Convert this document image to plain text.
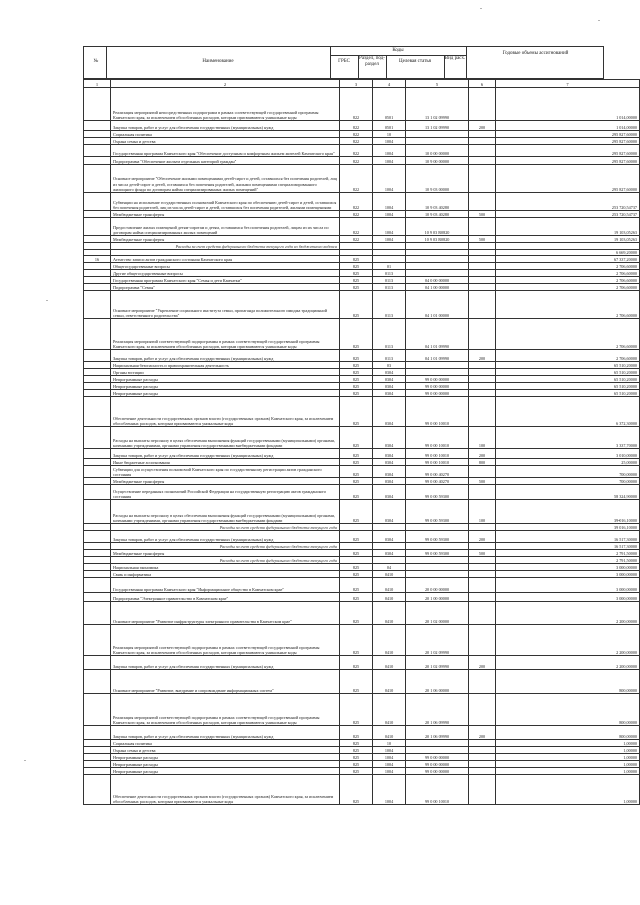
№	Наименование
Коды
ГРБС
Раздел, под-раздел
Целевая статья
Вид расх.
Годовые объемы ассигнований
1	2	3	4	5	6	7
	Реализация мероприятий непосредственных подпрограмм в рамках соответствующей государственной программы Камчатского края, за исключением обособленных расходов, которым присваиваются уникальные коды	822	0501	13 1 02 09990		1 014,00000
	Закупка товаров, работ и услуг для обеспечения государственных (муниципальных) нужд	822	0501	13 1 02 09990	200	1 014,00000
	Социальная политика	822	10			295 827,60000
	Охрана семьи и детства	822	1004			295 827,60000
	Государственная программа Камчатского края "Обеспечение доступным и комфортным жильем жителей Камчатского края"	822	1004	10 0 00 00000		295 827,60000
	Подпрограмма "Обеспечение жильем отдельных категорий граждан"	822	1004	10 9 00 00000		295 827,60000
	Основное мероприятие "Обеспечение жилыми помещениями детей-сирот и детей, оставшихся без попечения родителей, лиц из числа детей-сирот и детей, оставшихся без попечения родителей, жилыми помещениями специализированного жилищного фонда по договорам найма специализированных жилых помещений"	822	1004	10 9 03 00000		295 827,60000
	Субвенции на исполнение государственных полномочий Камчатского края по обеспечению детей-сирот и детей, оставшихся без попечения родителей, лиц из числа детей-сирот и детей, оставшихся без попечения родителей, жилыми помещениями	822	1004	10 9 03 40280		253 720,54737
	Межбюджетные трансферты	822	1004	10 9 03 40280	500	253 720,54737
	Предоставление жилых помещений детям-сиротам и детям, оставшимся без попечения родителей, лицам из их числа по договорам найма специализированных жилых помещений	822	1004	10 9 03 R0820		19 103,05263
	Межбюджетные трансферты	822	1004	10 9 03 R0820	500	19 103,05263
	Расходы за счет средств федерального бюджета текущего года из бюджетного кодекса					
						6 669,20000
16	Агентство записи актов гражданского состояния Камчатского края	825				67 337,20000
	Общегосударственные вопросы	825	01			2 706,60000
	Другие общегосударственные вопросы	825	0113			2 706,60000
	Государственная программа Камчатского края "Семья и дети Камчатки"	825	0113	04 0 00 00000		2 706,60000
	Подпрограмма "Семья"	825	0113	04 1 00 00000		2 706,60000
	Основное мероприятие "Укрепление социального института семьи, пропаганда положительного имиджа традиционной семьи, ответственного родительства"	825	0113	04 1 01 00000		2 706,60000
	Реализация мероприятий соответствующей подпрограммы в рамках соответствующей государственной программы Камчатского края, за исключением обособленных расходов, которым присваиваются уникальные коды	825	0113	04 1 01 09990		2 706,60000
	Закупка товаров, работ и услуг для обеспечения государственных (муниципальных) нужд	825	0113	04 1 01 09990	200	2 706,60000
	Национальная безопасность и правоохранительная деятельность	825	03			65 510,20000
	Органы юстиции	825	0304			65 510,20000
	Непрограммные расходы	825	0304	99 0 00 00000		65 510,20000
	Непрограммные расходы	825	0304	99 0 00 00000		65 510,20000
	Непрограммные расходы	825	0304	99 0 00 00000		65 510,20000
	Обеспечение деятельности государственных органов власти (государственных органов) Камчатского края, за исключением обособленных расходов, которым присваиваются уникальные коды	825	0304	99 0 00 10010		6 372,30000
	Расходы на выплаты персоналу в целях обеспечения выполнения функций государственными (муниципальными) органами, казенными учреждениями, органами управления государственными внебюджетными фондами	825	0304	99 0 00 10010	100	3 337,70000
	Закупка товаров, работ и услуг для обеспечения государственных (муниципальных) нужд	825	0304	99 0 00 10010	200	3 010,00000
	Иные бюджетные ассигнования	825	0304	99 0 00 10010	800	25,00000
	Субвенции для осуществления полномочий Камчатского края по государственному регистрации актов гражданского состояния	825	0304	99 0 00 40270		700,00000
	Межбюджетные трансферты	825	0304	99 0 00 40270	500	700,00000
	Осуществление переданных полномочий Российской Федерации на государственную регистрацию актов гражданского состояния	825	0304	99 0 00 59300		58 324,90000
	Расходы на выплаты персоналу в целях обеспечения выполнения функций государственными (муниципальными) органами, казенными учреждениями, органами управления государственными внебюджетными фондами	825	0304	99 0 00 59300	100	39 016,10000
	Расходы за счет средств федерального бюджета текущего года					39 016,10000
	Закупка товаров, работ и услуг для обеспечения государственных (муниципальных) нужд	825	0304	99 0 00 59300	200	16 517,30000
	Расходы за счет средств федерального бюджета текущего года					16 517,30000
	Межбюджетные трансферты	825	0304	99 0 00 59300	500	2 791,50000
	Расходы за счет средств федерального бюджета текущего года					2 791,50000
	Национальная экономика	825	04			3 000,00000
	Связь и информатика	825	0410			3 000,00000
	Государственная программа Камчатского края "Информационное общество в Камчатском крае"	825	0410	20 0 00 00000		3 000,00000
	Подпрограмма "Электронное правительство в Камчатском крае"	825	0410	20 1 00 00000		3 000,00000
	Основное мероприятие "Развитие инфраструктуры электронного правительства в Камчатском крае"	825	0410	20 1 02 00000		2 200,00000
	Реализация мероприятий соответствующей подпрограммы в рамках соответствующей государственной программы Камчатского края, за исключением обособленных расходов, которым присваиваются уникальные коды	825	0410	20 1 02 09990		2 200,00000
	Закупка товаров, работ и услуг для обеспечения государственных (муниципальных) нужд	825	0410	20 1 02 09990	200	2 200,00000
	Основное мероприятие "Развитие, внедрение и сопровождение информационных систем"	825	0410	20 1 06 00000		800,00000
	Реализация мероприятий соответствующей подпрограммы в рамках соответствующей государственной программы Камчатского края, за исключением обособленных расходов, которым присваиваются уникальные коды	825	0410	20 1 06 09990		800,00000
	Закупка товаров, работ и услуг для обеспечения государственных (муниципальных) нужд	825	0410	20 1 06 09990	200	800,00000
	Социальная политика	825	10			1,00000
	Охрана семьи и детства	825	1004			1,00000
	Непрограммные расходы	825	1004	99 0 00 00000		1,00000
	Непрограммные расходы	825	1004	99 0 00 00000		1,00000
	Непрограммные расходы	825	1004	99 0 00 00000		1,00000
	Обеспечение деятельности государственных органов власти (государственных органов) Камчатского края, за исключением обособленных расходов, которым присваиваются уникальные коды	825	1004	99 0 00 10010		1,00000
